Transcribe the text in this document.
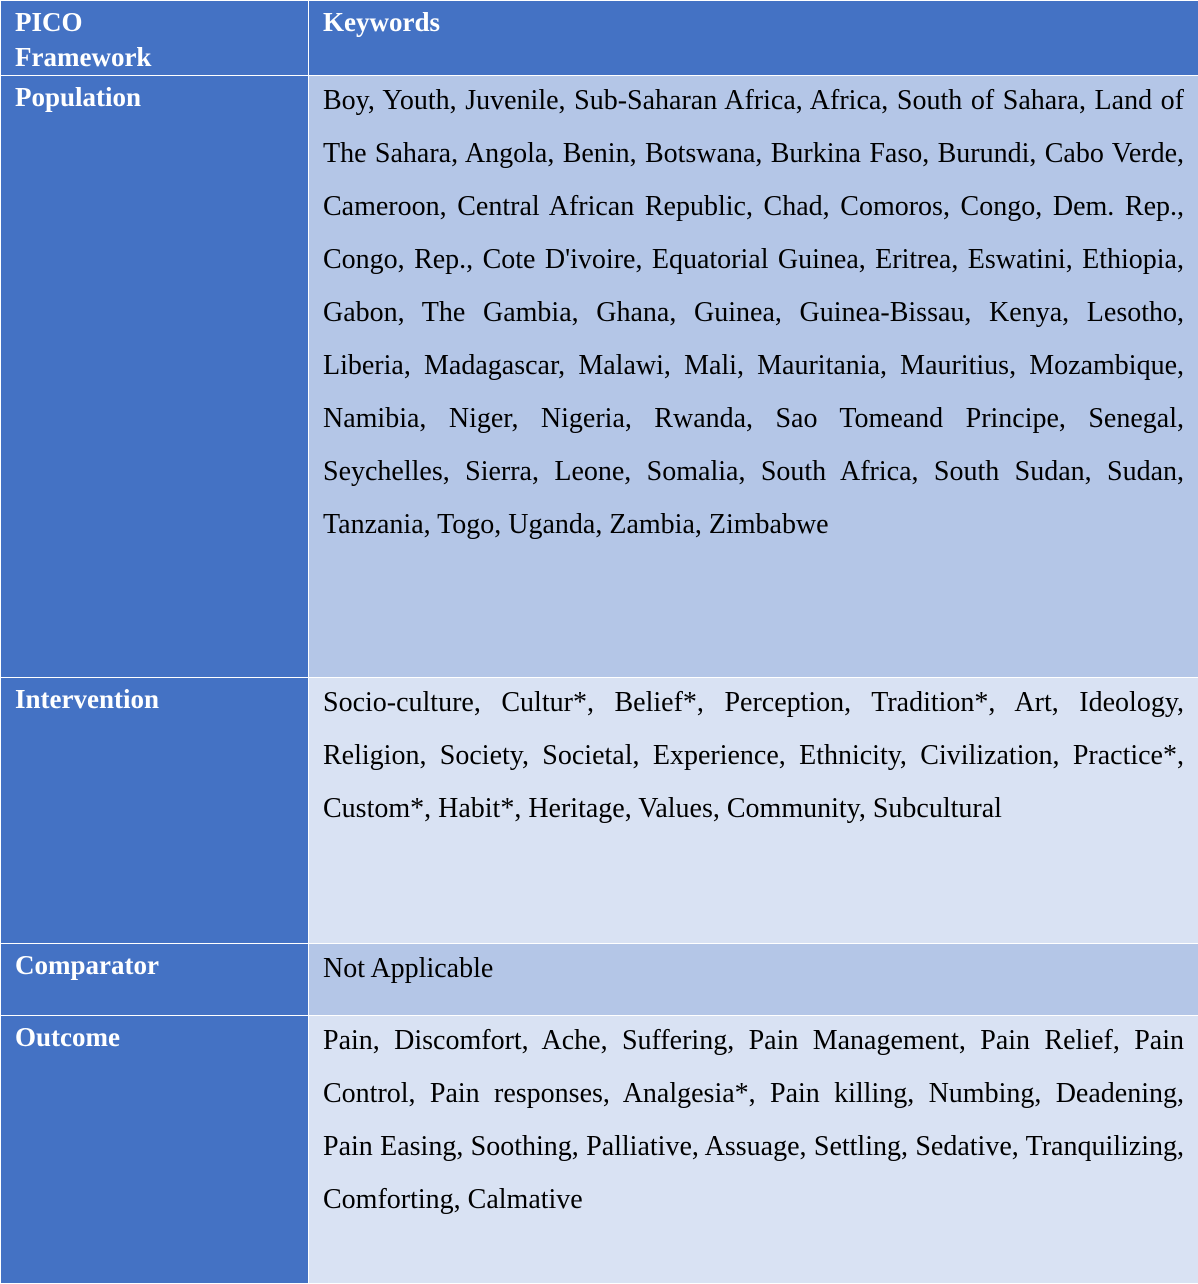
PICO
Framework	Keywords

Population	Boy, Youth, Juvenile, Sub-Saharan Africa, Africa, South of Sahara, Land of The Sahara, Angola, Benin, Botswana, Burkina Faso, Burundi, Cabo Verde, Cameroon, Central African Republic, Chad, Comoros, Congo, Dem. Rep., Congo, Rep., Cote D'ivoire, Equatorial Guinea, Eritrea, Eswatini, Ethiopia, Gabon, The Gambia, Ghana, Guinea, Guinea-Bissau, Kenya, Lesotho, Liberia, Madagascar, Malawi, Mali, Mauritania, Mauritius, Mozambique, Namibia, Niger, Nigeria, Rwanda, Sao Tomeand Principe, Senegal, Seychelles, Sierra, Leone, Somalia, South Africa, South Sudan, Sudan, Tanzania, Togo, Uganda, Zambia, Zimbabwe

Intervention	Socio-culture, Cultur*, Belief*, Perception, Tradition*, Art, Ideology, Religion, Society, Societal, Experience, Ethnicity, Civilization, Practice*, Custom*, Habit*, Heritage, Values, Community, Subcultural

Comparator	Not Applicable

Outcome	Pain, Discomfort, Ache, Suffering, Pain Management, Pain Relief, Pain Control, Pain responses, Analgesia*, Pain killing, Numbing, Deadening, Pain Easing, Soothing, Palliative, Assuage, Settling, Sedative, Tranquilizing, Comforting, Calmative
